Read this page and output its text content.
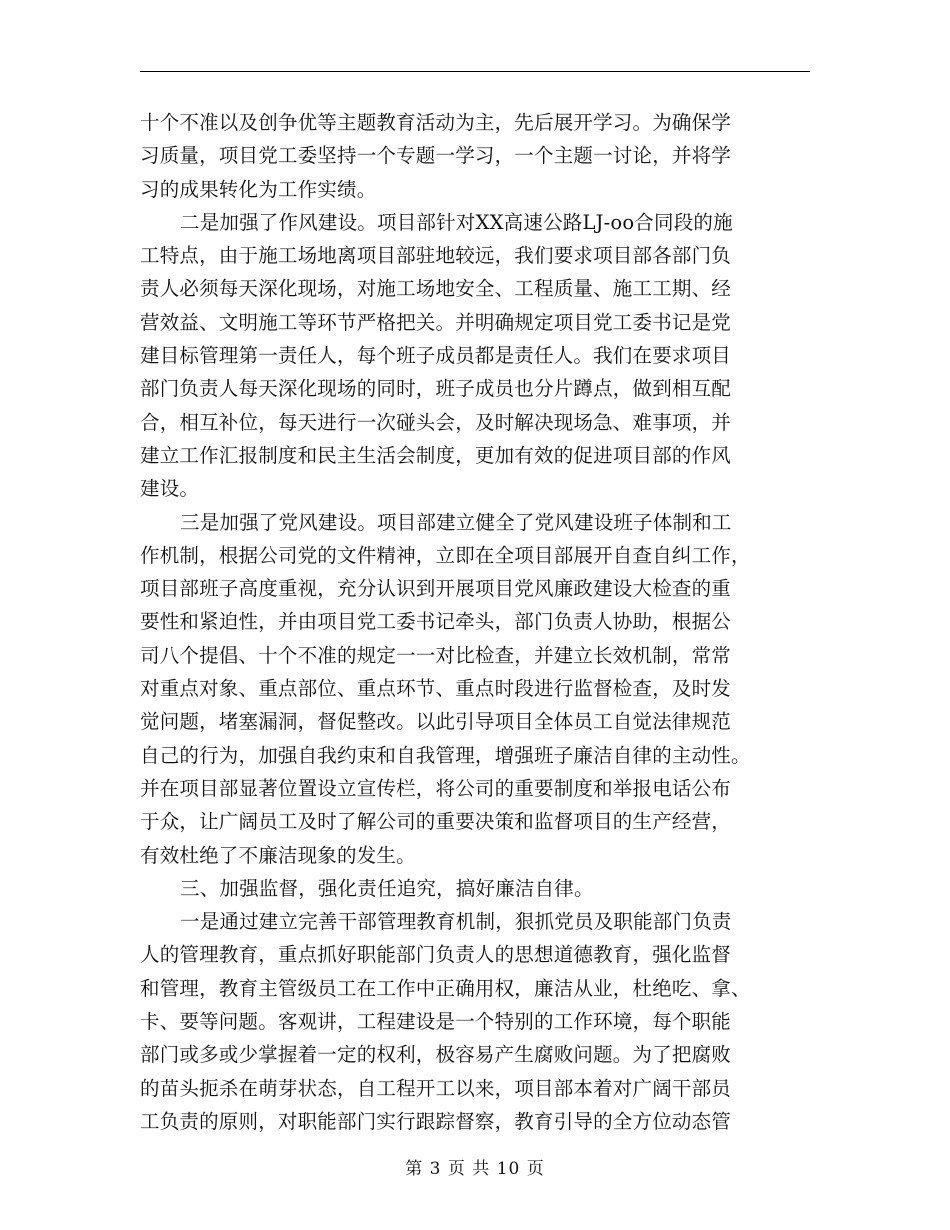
十个不准以及创争优等主题教育活动为主，先后展开学习。为确保学
习质量，项目党工委坚持一个专题一学习，一个主题一讨论，并将学
习的成果转化为工作实绩。
二是加强了作风建设。项目部针对XX高速公路LJ-oo合同段的施
工特点，由于施工场地离项目部驻地较远，我们要求项目部各部门负
责人必须每天深化现场，对施工场地安全、工程质量、施工工期、经
营效益、文明施工等环节严格把关。并明确规定项目党工委书记是党
建目标管理第一责任人，每个班子成员都是责任人。我们在要求项目
部门负责人每天深化现场的同时，班子成员也分片蹲点，做到相互配
合，相互补位，每天进行一次碰头会，及时解决现场急、难事项，并
建立工作汇报制度和民主生活会制度，更加有效的促进项目部的作风
建设。
三是加强了党风建设。项目部建立健全了党风建设班子体制和工
作机制，根据公司党的文件精神，立即在全项目部展开自查自纠工作，
项目部班子高度重视，充分认识到开展项目党风廉政建设大检查的重
要性和紧迫性，并由项目党工委书记牵头，部门负责人协助，根据公
司八个提倡、十个不准的规定一一对比检查，并建立长效机制，常常
对重点对象、重点部位、重点环节、重点时段进行监督检查，及时发
觉问题，堵塞漏洞，督促整改。以此引导项目全体员工自觉法律规范
自己的行为，加强自我约束和自我管理，增强班子廉洁自律的主动性。
并在项目部显著位置设立宣传栏，将公司的重要制度和举报电话公布
于众，让广阔员工及时了解公司的重要决策和监督项目的生产经营，
有效杜绝了不廉洁现象的发生。
三、加强监督，强化责任追究，搞好廉洁自律。
一是通过建立完善干部管理教育机制，狠抓党员及职能部门负责
人的管理教育，重点抓好职能部门负责人的思想道德教育，强化监督
和管理，教育主管级员工在工作中正确用权，廉洁从业，杜绝吃、拿、
卡、要等问题。客观讲，工程建设是一个特别的工作环境，每个职能
部门或多或少掌握着一定的权利，极容易产生腐败问题。为了把腐败
的苗头扼杀在萌芽状态，自工程开工以来，项目部本着对广阔干部员
工负责的原则，对职能部门实行跟踪督察，教育引导的全方位动态管
第 3 页 共 10 页
